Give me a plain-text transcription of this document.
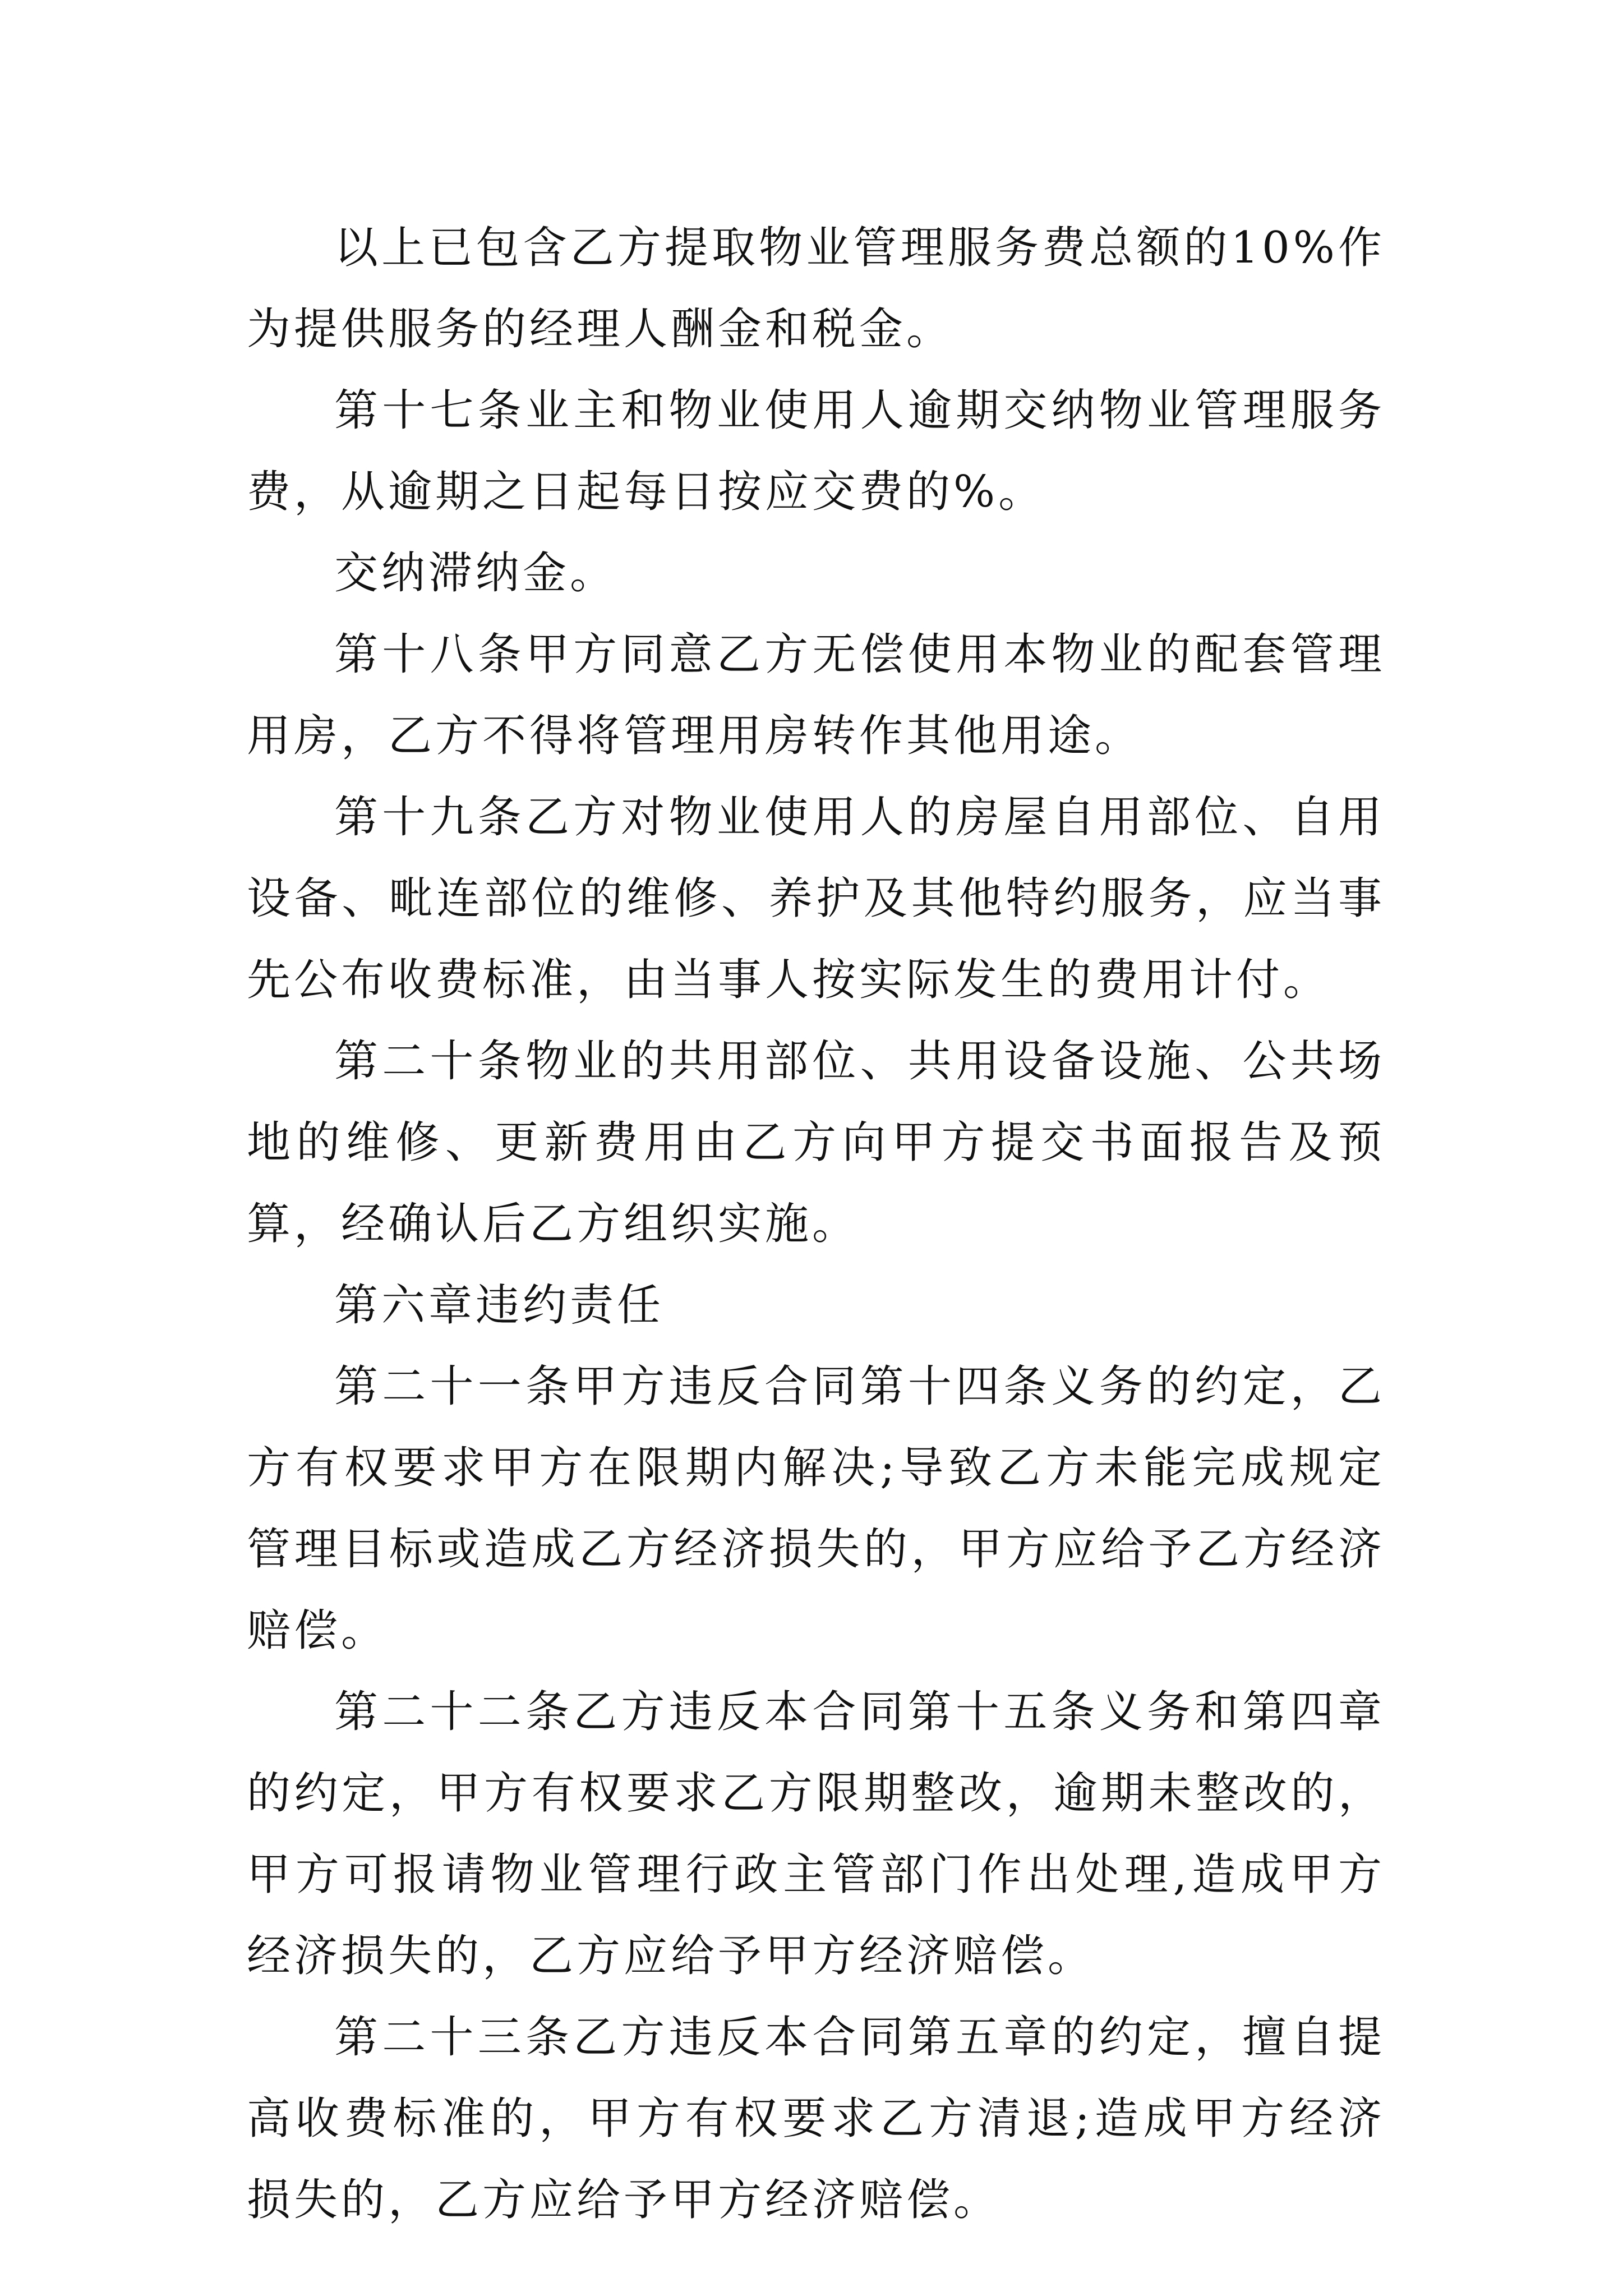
以上已包含乙方提取物业管理服务费总额的10%作为提供服务的经理人酬金和税金。

第十七条业主和物业使用人逾期交纳物业管理服务费，从逾期之日起每日按应交费的%。

交纳滞纳金。

第十八条甲方同意乙方无偿使用本物业的配套管理用房，乙方不得将管理用房转作其他用途。

第十九条乙方对物业使用人的房屋自用部位、自用设备、毗连部位的维修、养护及其他特约服务，应当事先公布收费标准，由当事人按实际发生的费用计付。

第二十条物业的共用部位、共用设备设施、公共场地的维修、更新费用由乙方向甲方提交书面报告及预算，经确认后乙方组织实施。

第六章违约责任

第二十一条甲方违反合同第十四条义务的约定，乙方有权要求甲方在限期内解决;导致乙方未能完成规定管理目标或造成乙方经济损失的，甲方应给予乙方经济赔偿。

第二十二条乙方违反本合同第十五条义务和第四章的约定，甲方有权要求乙方限期整改，逾期未整改的，甲方可报请物业管理行政主管部门作出处理,造成甲方经济损失的，乙方应给予甲方经济赔偿。

第二十三条乙方违反本合同第五章的约定，擅自提高收费标准的，甲方有权要求乙方清退;造成甲方经济损失的，乙方应给予甲方经济赔偿。
